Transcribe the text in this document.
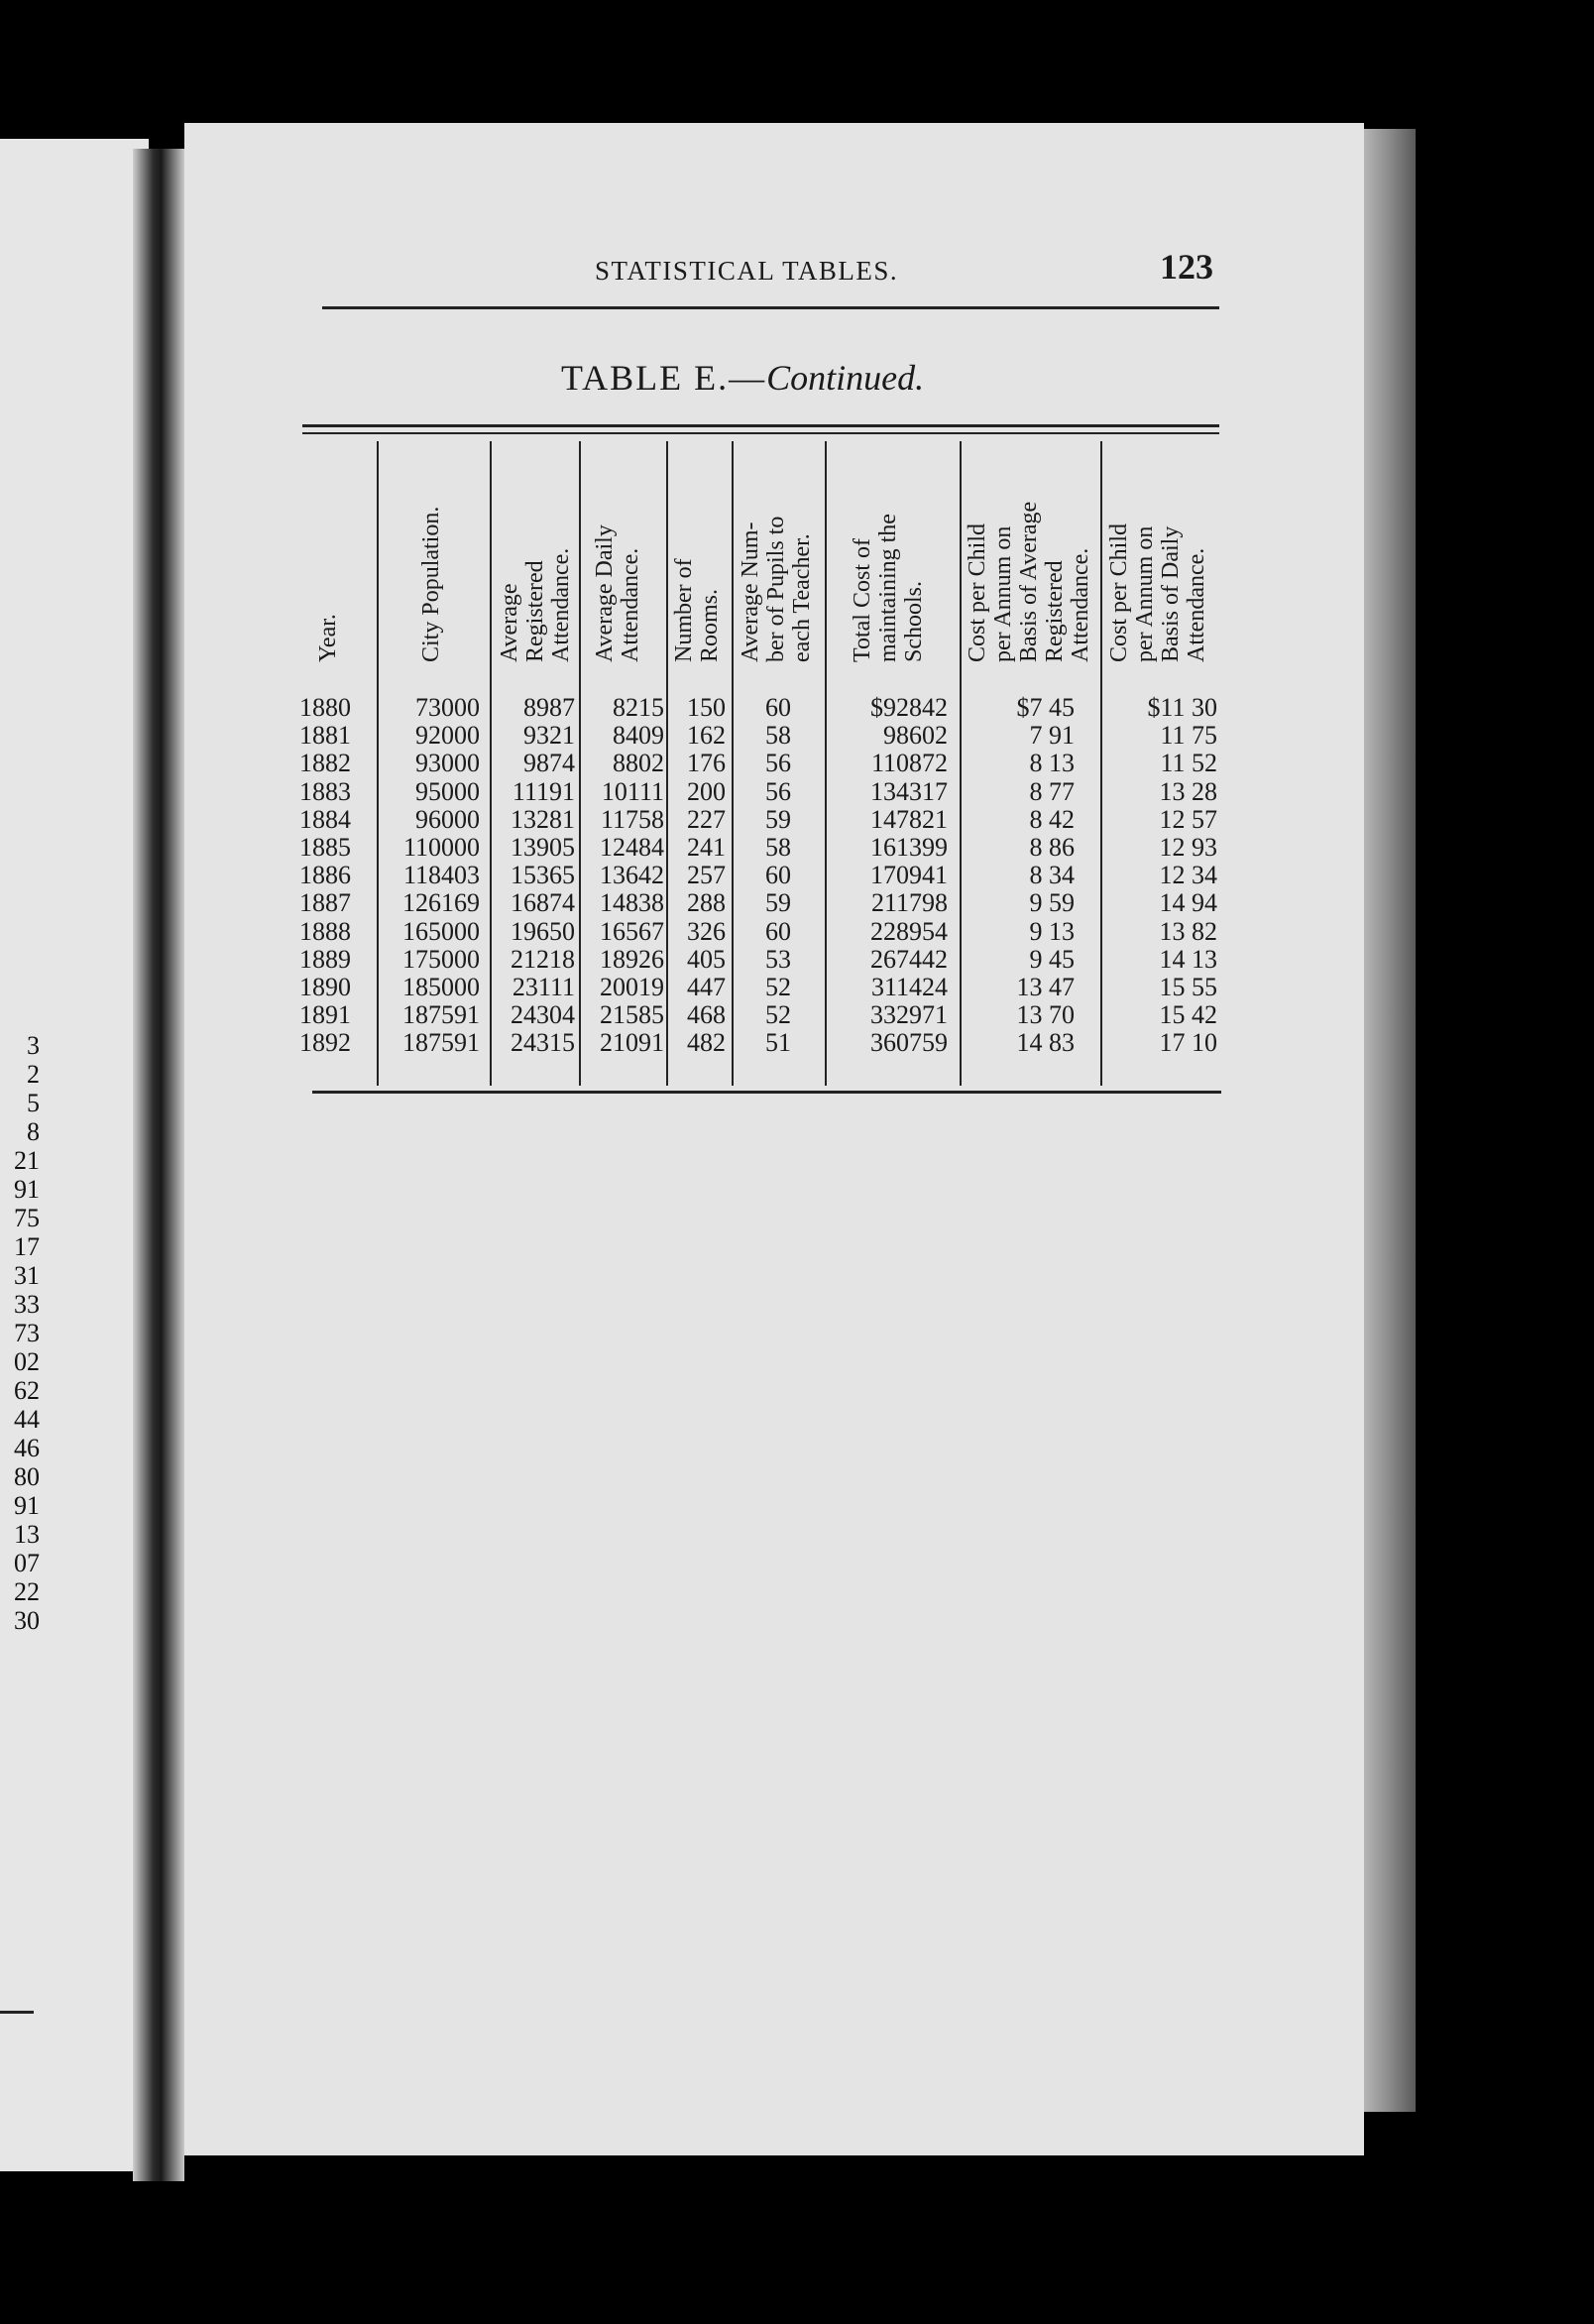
3
2
5
8
21
91
75
17
31
33
73
02
62
44
46
80
91
13
07
22
30
STATISTICAL TABLES.	123
TABLE E.—Continued.
Year.	City Population. Average
Registered
Attendance. Average Daily
Attendance. Number of
Rooms. Average Num-
ber of Pupils to
each Teacher.
Total Cost of
maintaining the
Schools. Cost per Child
per Annum on
Basis of Average
Registered
Attendance. Cost per Child
per Annum on
Basis of Daily
Attendance.
1880
1881
1882
1883
1884
1885
1886
1887
1888
1889
1890
1891
1892
73000
92000
93000
95000
96000
110000
118403
126169
165000
175000
185000
187591
187591
8987
9321
9874
11191
13281
13905
15365
16874
19650
21218
23111
24304
24315
8215
8409
8802
10111
11758
12484
13642
14838
16567
18926
20019
21585
21091
150
162
176
200
227
241
257
288
326
405
447
468
482
60
58
56
56
59
58
60
59
60
53
52
52
51
$92842
98602
110872
134317
147821
161399
170941
211798
228954
267442
311424
332971
360759
$7 45
7 91
8 13
8 77
8 42
8 86
8 34
9 59
9 13
9 45
13 47
13 70
14 83
$11 30
11 75
11 52
13 28
12 57
12 93
12 34
14 94
13 82
14 13
15 55
15 42
17 10
